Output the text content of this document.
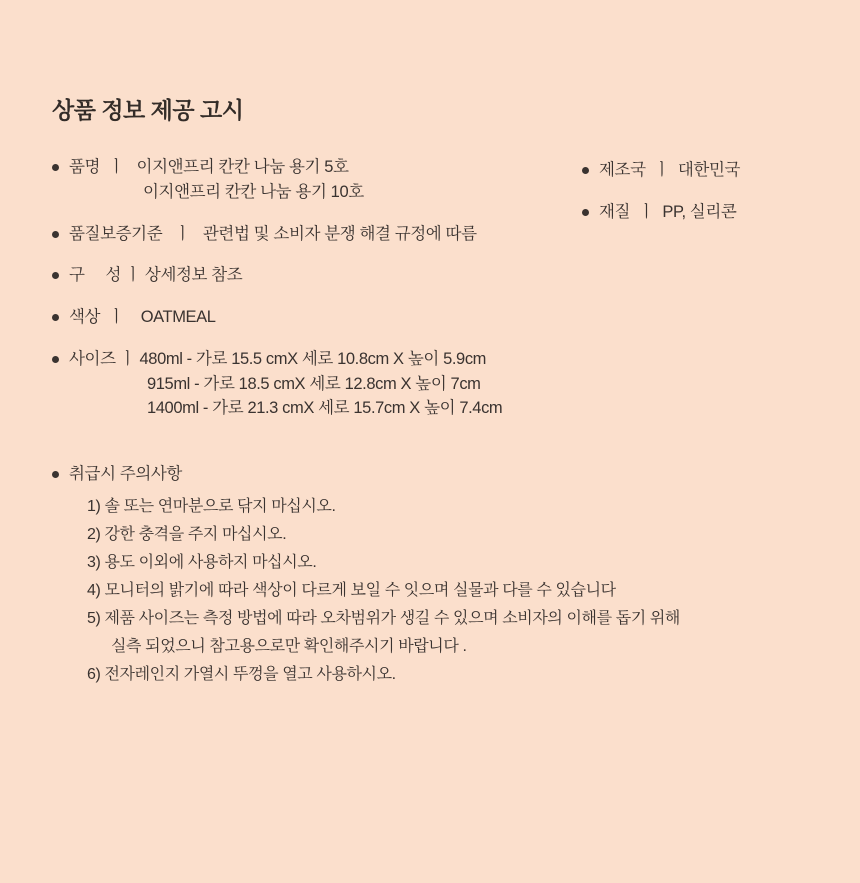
상품 정보 제공 고시
품명  ㅣ   이지앤프리 칸칸 나눔 용기 5호
이지앤프리 칸칸 나눔 용기 10호
품질보증기준   ㅣ   관련법 및 소비자 분쟁 해결 규정에 따름
구     성 ㅣ 상세정보 참조
색상  ㅣ    OATMEAL
사이즈 ㅣ 480ml - 가로 15.5 cmX 세로 10.8cm X 높이 5.9cm
915ml - 가로 18.5 cmX 세로 12.8cm X 높이 7cm
1400ml - 가로 21.3 cmX 세로 15.7cm X 높이 7.4cm
제조국  ㅣ  대한민국
재질  ㅣ  PP, 실리콘
취급시 주의사항
1) 솔 또는 연마분으로 닦지 마십시오.
2) 강한 충격을 주지 마십시오.
3) 용도 이외에 사용하지 마십시오.
4) 모니터의 밝기에 따라 색상이 다르게 보일 수 잇으며 실물과 다를 수 있습니다
5) 제품 사이즈는 측정 방법에 따라 오차범위가 생길 수 있으며 소비자의 이해를 돕기 위해
실측 되었으니 참고용으로만 확인해주시기 바랍니다 .
6) 전자레인지 가열시 뚜껑을 열고 사용하시오.
